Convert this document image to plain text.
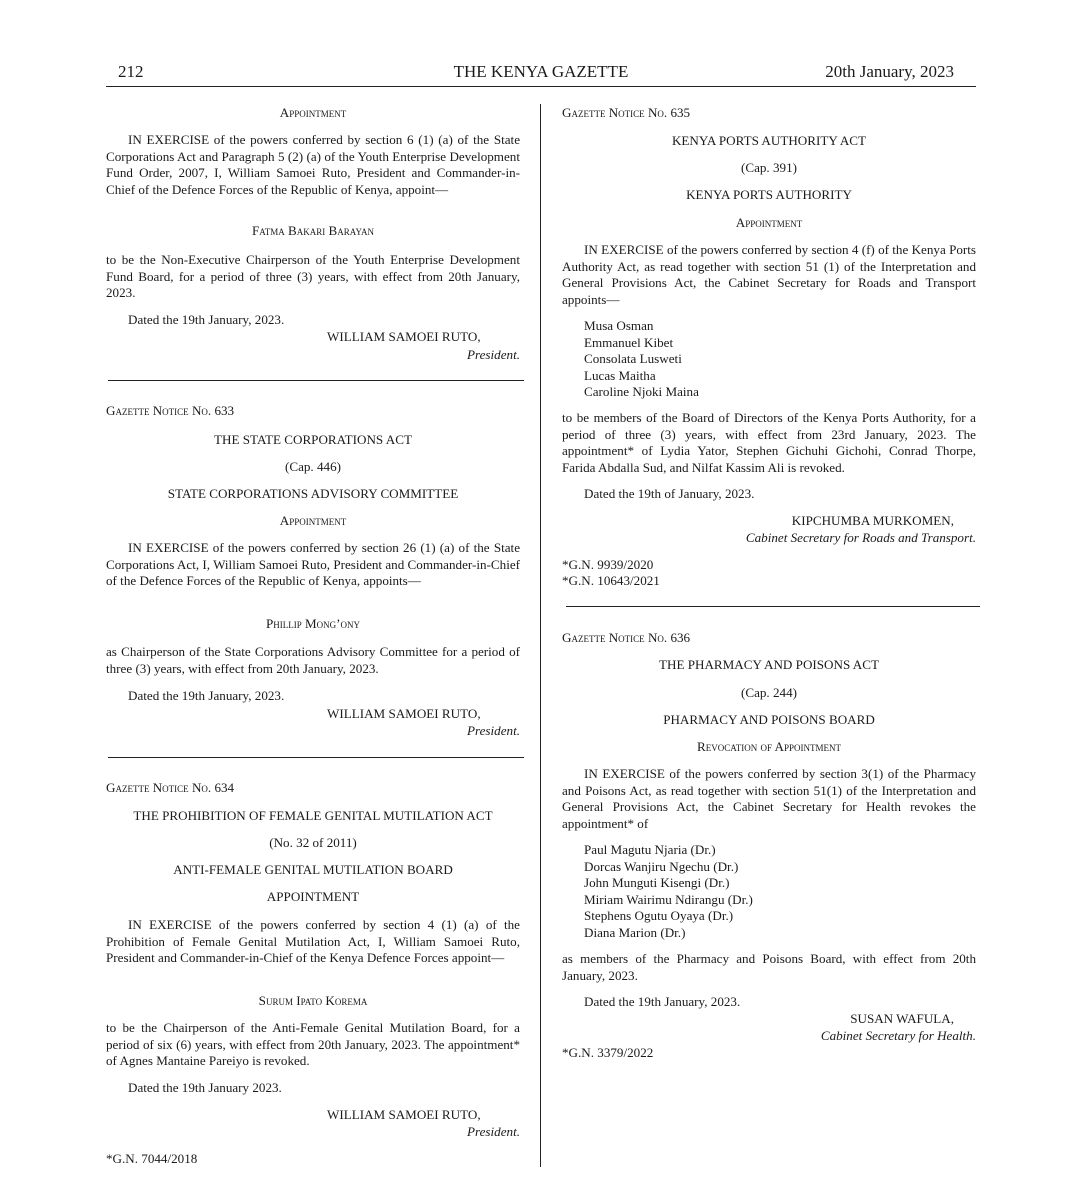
212	THE KENYA GAZETTE	20th January, 2023
Appointment
IN EXERCISE of the powers conferred by section 6 (1) (a) of the State Corporations Act and Paragraph 5 (2) (a) of the Youth Enterprise Development Fund Order, 2007, I, William Samoei Ruto, President and Commander-in-Chief of the Defence Forces of the Republic of Kenya, appoint—
Fatma Bakari Barayan
to be the Non-Executive Chairperson of the Youth Enterprise Development Fund Board, for a period of three (3) years, with effect from 20th January, 2023.
Dated the 19th January, 2023.
WILLIAM SAMOEI RUTO,
President.
Gazette Notice No. 633
THE STATE CORPORATIONS ACT
(Cap. 446)
STATE CORPORATIONS ADVISORY COMMITTEE
Appointment
IN EXERCISE of the powers conferred by section 26 (1) (a) of the State Corporations Act, I, William Samoei Ruto, President and Commander-in-Chief of the Defence Forces of the Republic of Kenya, appoints—
Phillip Mong’ony
as Chairperson of the State Corporations Advisory Committee for a period of three (3) years, with effect from 20th January, 2023.
Dated the 19th January, 2023.
WILLIAM SAMOEI RUTO,
President.
Gazette Notice No. 634
THE PROHIBITION OF FEMALE GENITAL MUTILATION ACT
(No. 32 of 2011)
ANTI-FEMALE GENITAL MUTILATION BOARD
APPOINTMENT
IN EXERCISE of the powers conferred by section 4 (1) (a) of the Prohibition of Female Genital Mutilation Act, I, William Samoei Ruto, President and Commander-in-Chief of the Kenya Defence Forces appoint—
Surum Ipato Korema
to be the Chairperson of the Anti-Female Genital Mutilation Board, for a period of six (6) years, with effect from 20th January, 2023. The appointment* of Agnes Mantaine Pareiyo is revoked.
Dated the 19th January 2023.
WILLIAM SAMOEI RUTO,
President.
*G.N. 7044/2018
Gazette Notice No. 635
KENYA PORTS AUTHORITY ACT
(Cap. 391)
KENYA PORTS AUTHORITY
Appointment
IN EXERCISE of the powers conferred by section 4 (f) of the Kenya Ports Authority Act, as read together with section 51 (1) of the Interpretation and General Provisions Act, the Cabinet Secretary for Roads and Transport appoints—
Musa Osman
Emmanuel Kibet
Consolata Lusweti
Lucas Maitha
Caroline Njoki Maina
to be members of the Board of Directors of the Kenya Ports Authority, for a period of three (3) years, with effect from 23rd January, 2023. The appointment* of Lydia Yator, Stephen Gichuhi Gichohi, Conrad Thorpe, Farida Abdalla Sud, and Nilfat Kassim Ali is revoked.
Dated the 19th of January, 2023.
KIPCHUMBA MURKOMEN,
Cabinet Secretary for Roads and Transport.
*G.N. 9939/2020
*G.N. 10643/2021
Gazette Notice No. 636
THE PHARMACY AND POISONS ACT
(Cap. 244)
PHARMACY AND POISONS BOARD
Revocation of Appointment
IN EXERCISE of the powers conferred by section 3(1) of the Pharmacy and Poisons Act, as read together with section 51(1) of the Interpretation and General Provisions Act, the Cabinet Secretary for Health revokes the appointment* of
Paul Magutu Njaria (Dr.)
Dorcas Wanjiru Ngechu (Dr.)
John Munguti Kisengi (Dr.)
Miriam Wairimu Ndirangu (Dr.)
Stephens Ogutu Oyaya (Dr.)
Diana Marion (Dr.)
as members of the Pharmacy and Poisons Board, with effect from 20th January, 2023.
Dated the 19th January, 2023.
SUSAN WAFULA,
Cabinet Secretary for Health.
*G.N. 3379/2022
